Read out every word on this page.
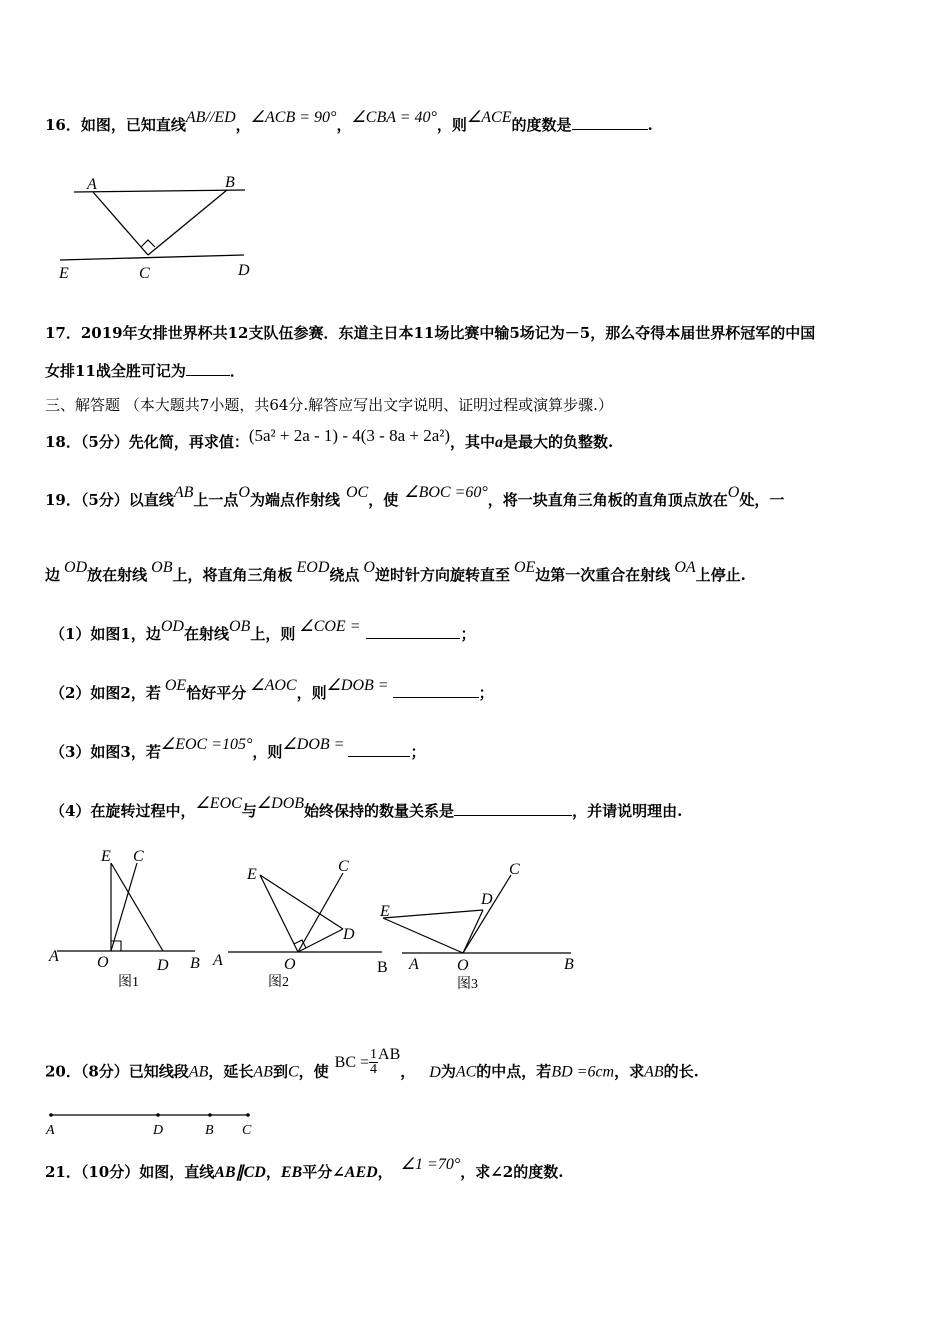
16．如图，已知直线AB//ED，∠ACB = 90°，∠CBA = 40°，则∠ACE的度数是	.
A	B
C	D
E
17．2019年女排世界杯共12支队伍参赛．东道主日本11场比赛中输5场记为－5，那么夺得本届世界杯冠军的中国
女排11战全胜可记为	．
三、解答题 （本大题共7小题，共64分.解答应写出文字说明、证明过程或演算步骤.）
18．（5分）先化简，再求值：(5a² + 2a - 1) - 4(3 - 8a + 2a²)，其中a是最大的负整数.
19．（5分）以直线AB上一点O为端点作射线 OC，使 ∠BOC =60°，将一块直角三角板的直角顶点放在O处，一
边 OD放在射线 OB上，将直角三角板 EOD绕点 O逆时针方向旋转直至 OE边第一次重合在射线 OA上停止.
（1）如图1，边OD在射线OB上，则 ∠COE =	；
（2）如图2，若 OE恰好平分 ∠AOC，则∠DOB =	；
（3）如图3，若∠EOC =105°，则∠DOB =	；
（4）在旋转过程中，∠EOC与∠DOB始终保持的数量关系是	，并请说明理由.
A	B
C
D
E
O
图1
A	B
C
D
E
O
图2
A	B
C
D
E
O
图3
20．（8分）已知线段AB，延长AB到C，使BC = $\frac{1}{4}$ AB， D为AC的中点，若BD =6cm，求AB的长.
A	D	B C
21．（10分）如图，直线AB∥CD，EB平分∠AED， ∠1 =70°，求∠2的度数.
